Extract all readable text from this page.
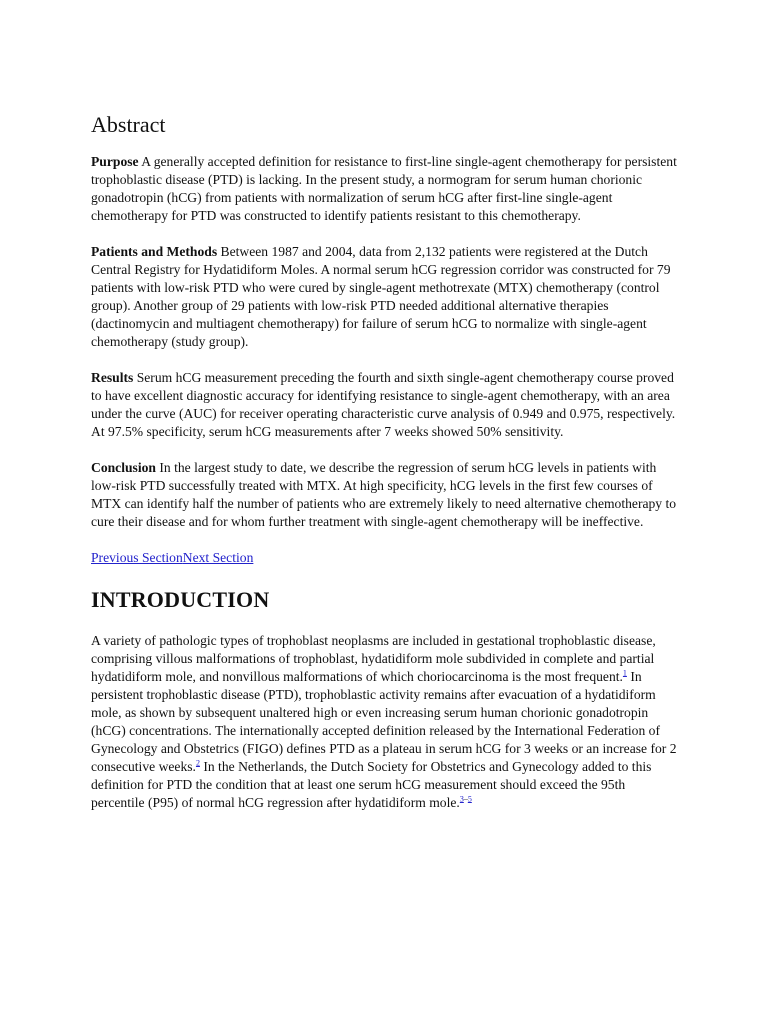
Abstract

Purpose A generally accepted definition for resistance to first-line single-agent chemotherapy for persistent trophoblastic disease (PTD) is lacking. In the present study, a normogram for serum human chorionic gonadotropin (hCG) from patients with normalization of serum hCG after first-line single-agent chemotherapy for PTD was constructed to identify patients resistant to this chemotherapy.

Patients and Methods Between 1987 and 2004, data from 2,132 patients were registered at the Dutch Central Registry for Hydatidiform Moles. A normal serum hCG regression corridor was constructed for 79 patients with low-risk PTD who were cured by single-agent methotrexate (MTX) chemotherapy (control group). Another group of 29 patients with low-risk PTD needed additional alternative therapies (dactinomycin and multiagent chemotherapy) for failure of serum hCG to normalize with single-agent chemotherapy (study group).

Results Serum hCG measurement preceding the fourth and sixth single-agent chemotherapy course proved to have excellent diagnostic accuracy for identifying resistance to single-agent chemotherapy, with an area under the curve (AUC) for receiver operating characteristic curve analysis of 0.949 and 0.975, respectively. At 97.5% specificity, serum hCG measurements after 7 weeks showed 50% sensitivity.

Conclusion In the largest study to date, we describe the regression of serum hCG levels in patients with low-risk PTD successfully treated with MTX. At high specificity, hCG levels in the first few courses of MTX can identify half the number of patients who are extremely likely to need alternative chemotherapy to cure their disease and for whom further treatment with single-agent chemotherapy will be ineffective.

Previous SectionNext Section
INTRODUCTION

A variety of pathologic types of trophoblast neoplasms are included in gestational trophoblastic disease, comprising villous malformations of trophoblast, hydatidiform mole subdivided in complete and partial hydatidiform mole, and nonvillous malformations of which choriocarcinoma is the most frequent.$^1$ In persistent trophoblastic disease (PTD), trophoblastic activity remains after evacuation of a hydatidiform mole, as shown by subsequent unaltered high or even increasing serum human chorionic gonadotropin (hCG) concentrations. The internationally accepted definition released by the International Federation of Gynecology and Obstetrics (FIGO) defines PTD as a plateau in serum hCG for 3 weeks or an increase for 2 consecutive weeks.$^2$ In the Netherlands, the Dutch Society for Obstetrics and Gynecology added to this definition for PTD the condition that at least one serum hCG measurement should exceed the 95th percentile (P95) of normal hCG regression after hydatidiform mole.$^{3-5}$
